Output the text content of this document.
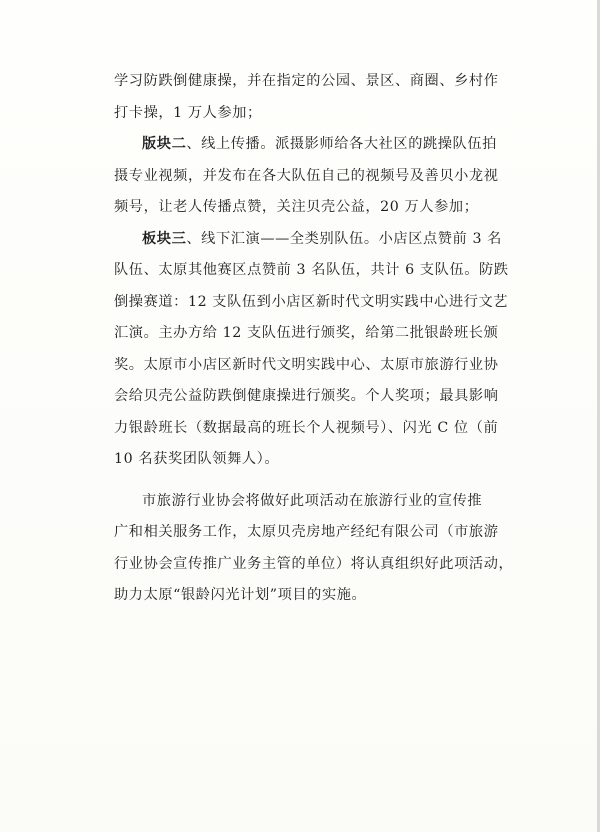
学习防跌倒健康操，并在指定的公园、景区、商圈、乡村作
打卡操，1 万人参加；
版块二、线上传播。派摄影师给各大社区的跳操队伍拍
摄专业视频，并发布在各大队伍自己的视频号及善贝小龙视
频号，让老人传播点赞，关注贝壳公益，20 万人参加；
板块三、线下汇演——全类别队伍。小店区点赞前 3 名
队伍、太原其他赛区点赞前 3 名队伍，共计 6 支队伍。防跌
倒操赛道：12 支队伍到小店区新时代文明实践中心进行文艺
汇演。主办方给 12 支队伍进行颁奖，给第二批银龄班长颁
奖。太原市小店区新时代文明实践中心、太原市旅游行业协
会给贝壳公益防跌倒健康操进行颁奖。个人奖项；最具影响
力银龄班长（数据最高的班长个人视频号）、闪光 C 位（前
10 名获奖团队领舞人）。
市旅游行业协会将做好此项活动在旅游行业的宣传推
广和相关服务工作，太原贝壳房地产经纪有限公司（市旅游
行业协会宣传推广业务主管的单位）将认真组织好此项活动，
助力太原“银龄闪光计划”项目的实施。
